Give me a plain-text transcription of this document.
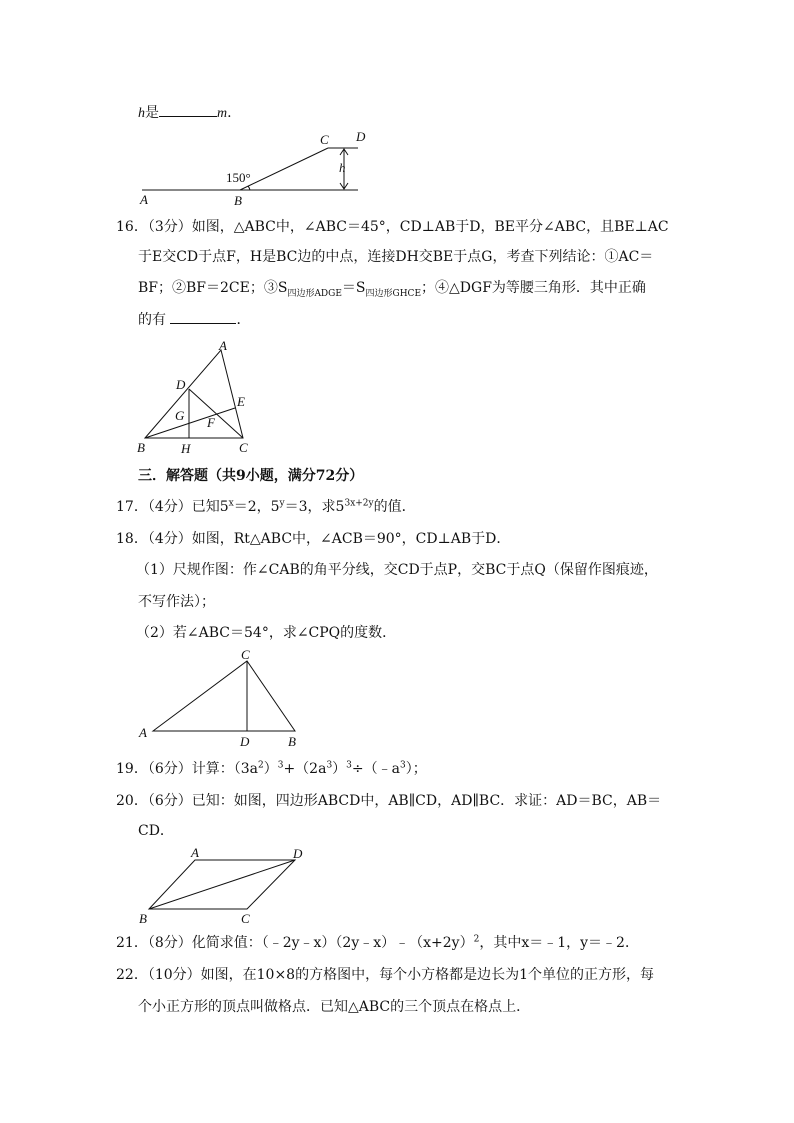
h是	m.
C D
h
150°
A	B
16．（3分）如图，△ABC中，∠ABC＝45°，CD⊥AB于D，BE平分∠ABC，且BE⊥AC
于E交CD于点F，H是BC边的中点，连接DH交BE于点G，考查下列结论：①AC＝
BF；②BF＝2CE；$③S_{四边形ADGE}=S_{四边形GHCE}$；④△DGF为等腰三角形．其中正确
的有	．
A
D
E
G F
B	H	C
三．解答题（共9小题，满分72分）
17．（4分）已知$5^x=2$，$5^y=3$，求$5^{3x+2y}$的值．
18．（4分）如图，Rt△ABC中，∠ACB＝90°，CD⊥AB于D．
（1）尺规作图：作∠CAB的角平分线，交CD于点P，交BC于点Q（保留作图痕迹，
不写作法）；
（2）若∠ABC＝54°，求∠CPQ的度数．
C
A
D	B
19．（6分）计算：$(3a^2)^3+(2a^3)^3\div(﹣a^3)$；
20．（6分）已知：如图，四边形ABCD中，AB∥CD，AD∥BC．求证：AD＝BC，AB＝
CD．
A	D
B	C
21．（8分）化简求值：$(﹣2y﹣x)(2y﹣x)﹣(x+2y)^2$，其中x＝﹣1，y＝﹣2．
22．（10分）如图，在10×8的方格图中，每个小方格都是边长为1个单位的正方形，每
个小正方形的顶点叫做格点．已知△ABC的三个顶点在格点上．
